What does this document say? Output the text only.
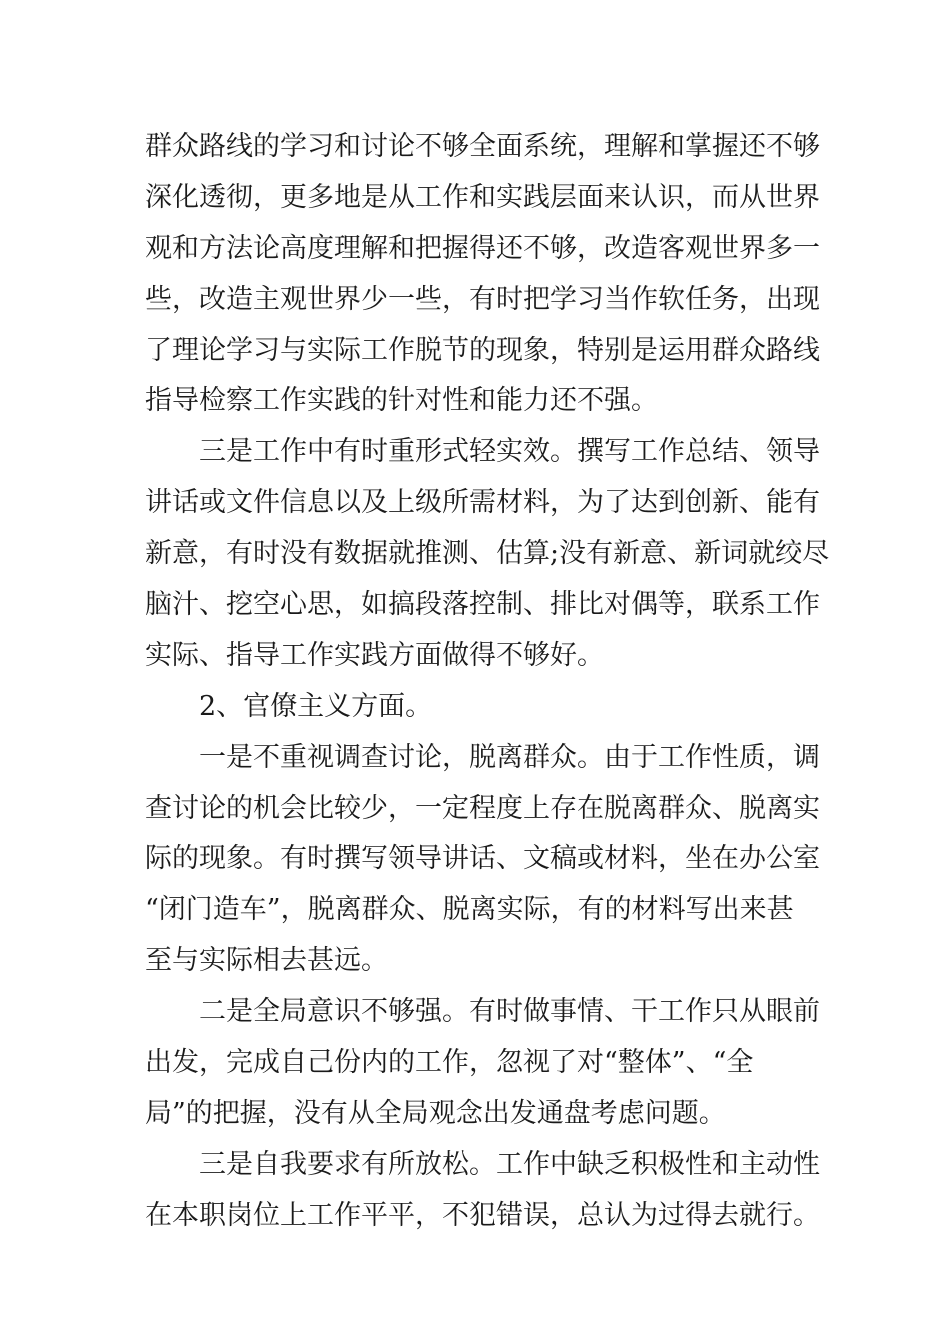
群众路线的学习和讨论不够全面系统，理解和掌握还不够
深化透彻，更多地是从工作和实践层面来认识，而从世界
观和方法论高度理解和把握得还不够，改造客观世界多一
些，改造主观世界少一些，有时把学习当作软任务，出现
了理论学习与实际工作脱节的现象，特别是运用群众路线
指导检察工作实践的针对性和能力还不强。
三是工作中有时重形式轻实效。撰写工作总结、领导
讲话或文件信息以及上级所需材料，为了达到创新、能有
新意，有时没有数据就推测、估算;没有新意、新词就绞尽
脑汁、挖空心思，如搞段落控制、排比对偶等，联系工作
实际、指导工作实践方面做得不够好。
2、官僚主义方面。
一是不重视调查讨论，脱离群众。由于工作性质，调
查讨论的机会比较少，一定程度上存在脱离群众、脱离实
际的现象。有时撰写领导讲话、文稿或材料，坐在办公室
“闭门造车”，脱离群众、脱离实际，有的材料写出来甚
至与实际相去甚远。
二是全局意识不够强。有时做事情、干工作只从眼前
出发，完成自己份内的工作，忽视了对“整体”、“全
局”的把握，没有从全局观念出发通盘考虑问题。
三是自我要求有所放松。工作中缺乏积极性和主动性
在本职岗位上工作平平，不犯错误，总认为过得去就行。
